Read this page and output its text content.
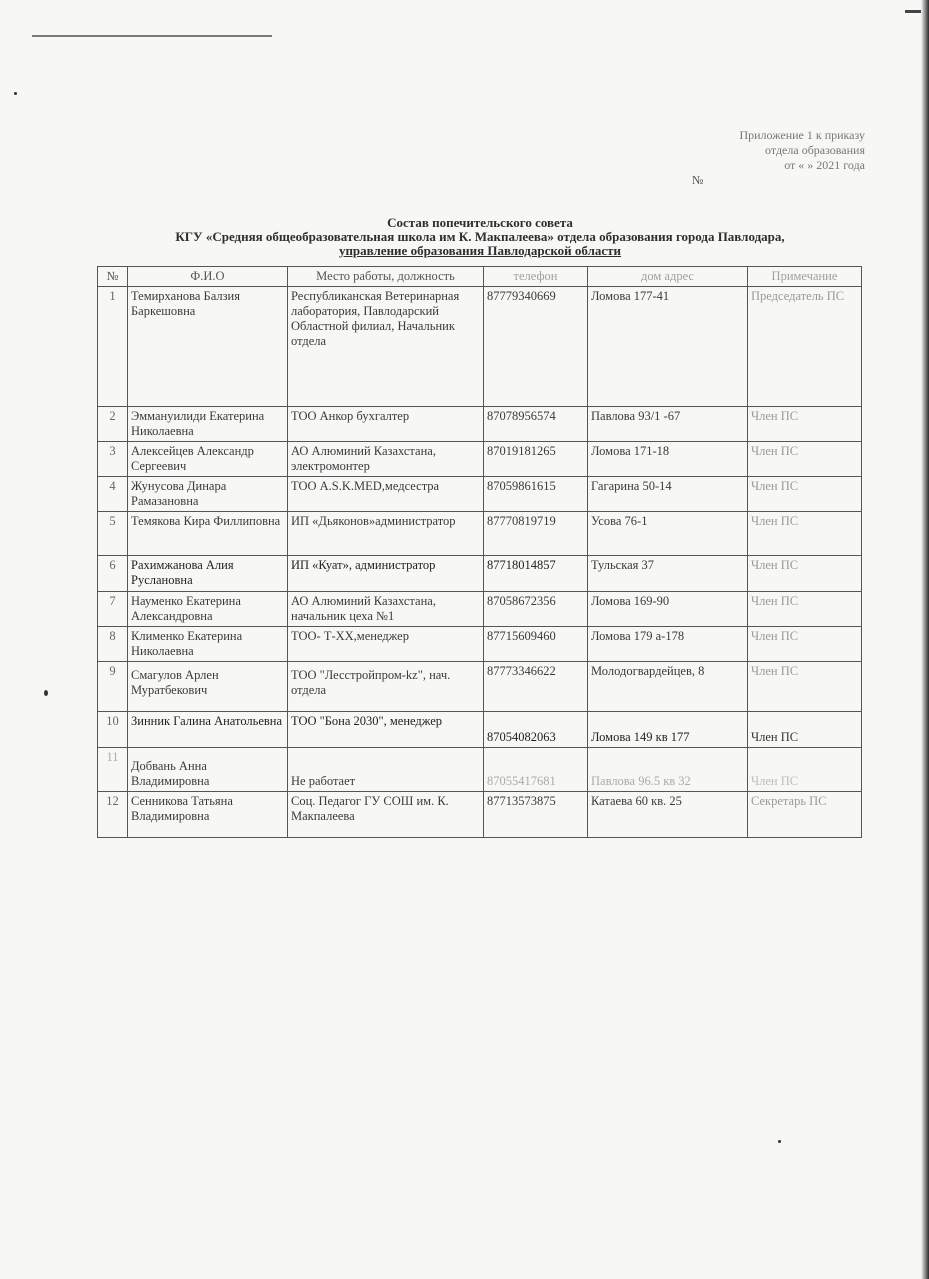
Приложение 1 к приказу
отдела образования
от « » 2021 года
№
Состав попечительского совета
КГУ «Средняя общеобразовательная школа им К. Макпалеева» отдела образования города Павлодара,
управление образования Павлодарской области
№	Ф.И.О	Место работы, должность	телефон	дом адрес	Примечание
1	Темирханова Балзия Баркешовна	Республиканская Ветеринарная лаборатория, Павлодарский Областной филиал, Начальник отдела	87779340669	Ломова 177-41	Председатель ПС
2	Эммануилиди Екатерина Николаевна	ТОО Анкор бухгалтер	87078956574	Павлова 93/1 -67	Член ПС
3	Алексейцев Александр Сергеевич	АО Алюминий Казахстана, электромонтер	87019181265	Ломова 171-18	Член ПС
4	Жунусова Динара Рамазановна	ТОО A.S.K.MED,медсестра	87059861615	Гагарина 50-14	Член ПС
5	Темякова Кира Филлиповна	ИП «Дьяконов»администратор	87770819719	Усова 76-1	Член ПС
6	Рахимжанова Алия Руслановна	ИП «Куат», администратор	87718014857	Тульская 37	Член ПС
7	Науменко Екатерина Александровна	АО Алюминий Казахстана, начальник цеха №1	87058672356	Ломова 169-90	Член ПС
8	Клименко Екатерина Николаевна	ТОО- Т-ХХ,менеджер	87715609460	Ломова 179 а-178	Член ПС
9	Смагулов Арлен Муратбекович	ТОО "Лесстройпром-kz", нач. отдела	87773346622	Молодогвардейцев, 8	Член ПС
10	Зинник Галина Анатольевна	ТОО "Бона 2030", менеджер	87054082063	Ломова 149 кв 177	Член ПС
11	Добвань Анна Владимировна	Не работает	87055417681	Павлова 96.5 кв 32	Член ПС
12	Сенникова Татьяна Владимировна	Соц. Педагог ГУ СОШ им. К. Макпалеева	87713573875	Катаева 60 кв. 25	Секретарь ПС
